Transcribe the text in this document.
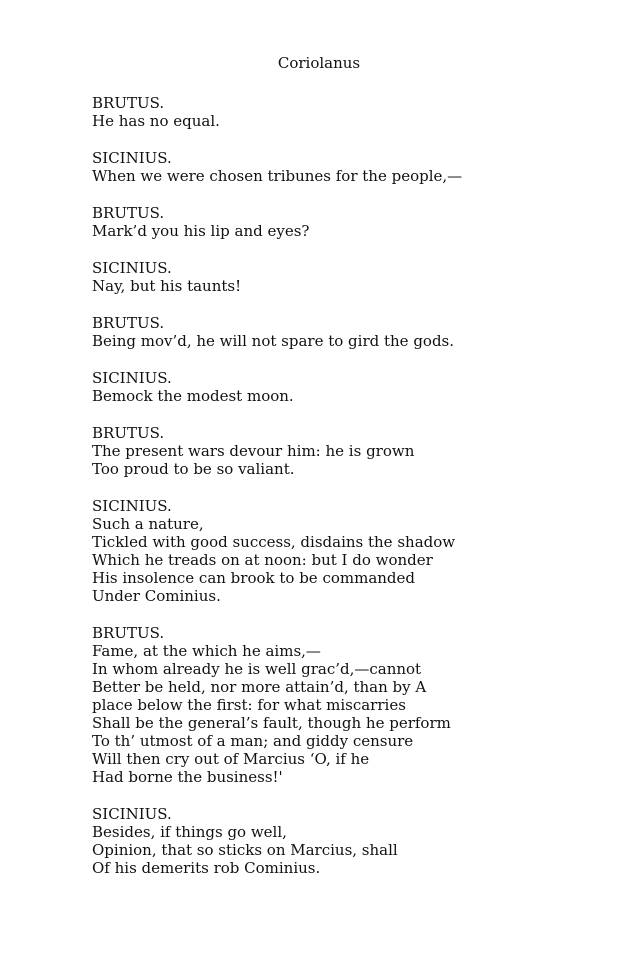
Coriolanus
BRUTUS.
He has no equal.
SICINIUS.
When we were chosen tribunes for the people,—
BRUTUS.
Mark’d you his lip and eyes?
SICINIUS.
Nay, but his taunts!
BRUTUS.
Being mov’d, he will not spare to gird the gods.
SICINIUS.
Bemock the modest moon.
BRUTUS.
The present wars devour him: he is grown
Too proud to be so valiant.
SICINIUS.
Such a nature,
Tickled with good success, disdains the shadow
Which he treads on at noon: but I do wonder
His insolence can brook to be commanded
Under Cominius.
BRUTUS.
Fame, at the which he aims,—
In whom already he is well grac’d,—cannot
Better be held, nor more attain’d, than by A
place below the first: for what miscarries
Shall be the general’s fault, though he perform
To th’ utmost of a man; and giddy censure
Will then cry out of Marcius ‘O, if he
Had borne the business!'
SICINIUS.
Besides, if things go well,
Opinion, that so sticks on Marcius, shall
Of his demerits rob Cominius.
